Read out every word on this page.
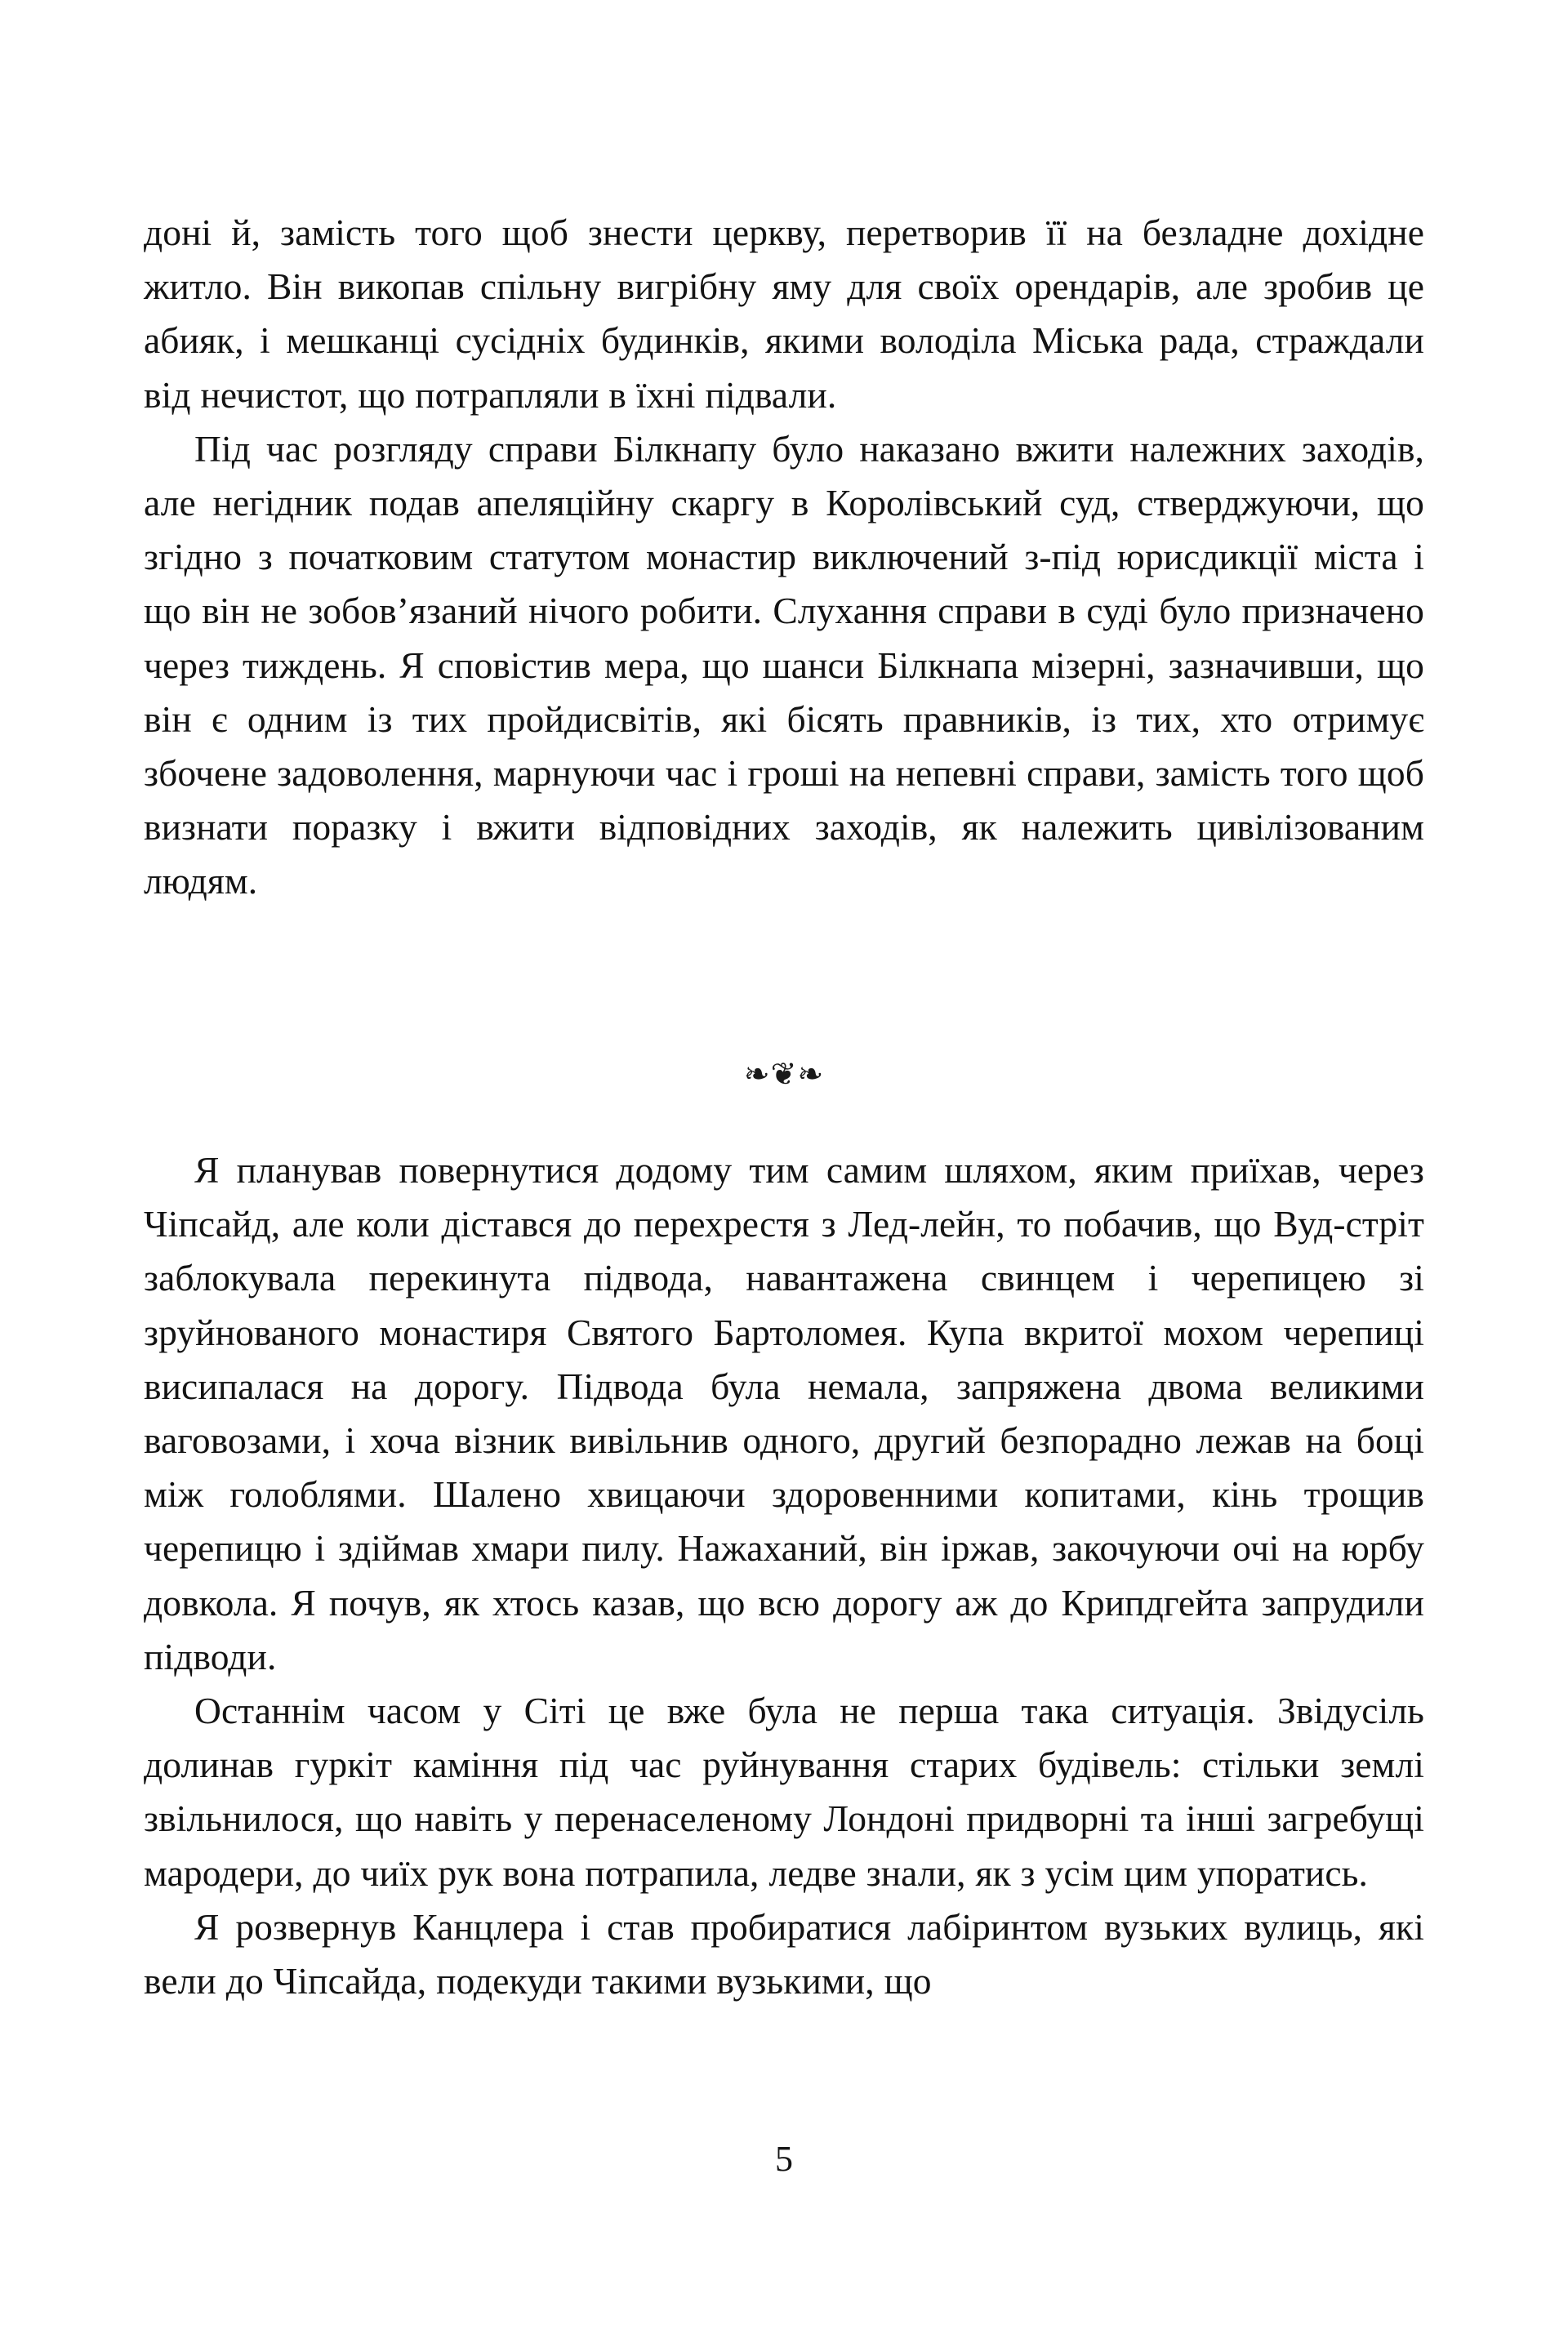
доні й, замість того щоб знести церкву, перетворив її на безладне дохідне житло. Він викопав спільну вигрібну яму для своїх орендарів, але зробив це абияк, і мешканці сусідніх будинків, якими володіла Міська рада, страждали від нечистот, що потрапляли в їхні підвали.

Під час розгляду справи Білкнапу було наказано вжити належних заходів, але негідник подав апеляційну скаргу в Королівський суд, стверджуючи, що згідно з початковим статутом монастир виключений з-під юрисдикції міста і що він не зобов’язаний нічого робити. Слухання справи в суді було призначено через тиждень. Я сповістив мера, що шанси Білкнапа мізерні, зазначивши, що він є одним із тих пройдисвітів, які бісять правників, із тих, хто отримує збочене задоволення, марнуючи час і гроші на непевні справи, замість того щоб визнати поразку і вжити відповідних заходів, як належить цивілізованим людям.

❧❦❧

Я планував повернутися додому тим самим шляхом, яким приїхав, через Чіпсайд, але коли дістався до перехрестя з Лед-лейн, то побачив, що Вуд-стріт заблокувала перекинута підвода, навантажена свинцем і черепицею зі зруйнованого монастиря Святого Бартоломея. Купа вкритої мохом черепиці висипалася на дорогу. Підвода була немала, запряжена двома великими ваговозами, і хоча візник вивільнив одного, другий безпорадно лежав на боці між голоблями. Шалено хвицаючи здоровенними копитами, кінь трощив черепицю і здіймав хмари пилу. Нажаханий, він іржав, закочуючи очі на юрбу довкола. Я почув, як хтось казав, що всю дорогу аж до Крипдгейта запрудили підводи.

Останнім часом у Сіті це вже була не перша така ситуація. Звідусіль долинав гуркіт каміння під час руйнування старих будівель: стільки землі звільнилося, що навіть у перенаселеному Лондоні придворні та інші загребущі мародери, до чиїх рук вона потрапила, ледве знали, як з усім цим упоратись.

Я розвернув Канцлера і став пробиратися лабіринтом вузьких вулиць, які вели до Чіпсайда, подекуди такими вузькими, що

5
